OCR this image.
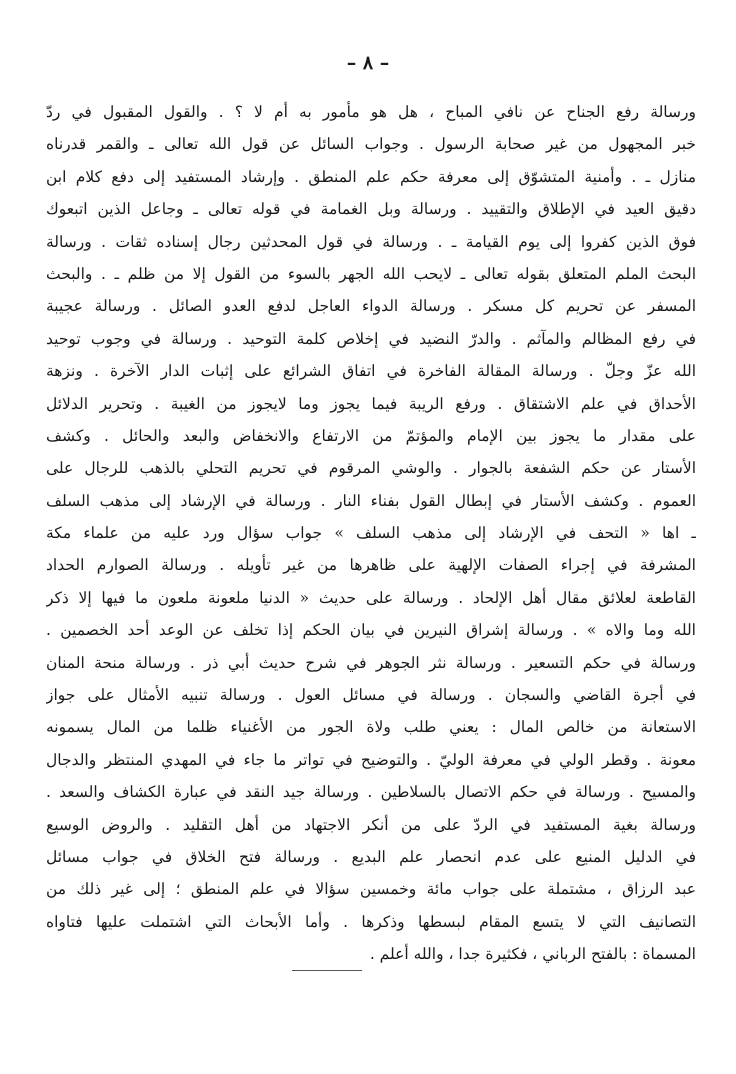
– ٨ –
ورسالة رفع الجناح عن نافي المباح ، هل هو مأمور به أم لا ؟ . والقول المقبول في ردّ
خبر المجهول من غير صحابة الرسول . وجواب السائل عن قول الله تعالى ـ والقمر قدرناه
منازل ـ . وأمنية المتشوّق إلى معرفة حكم علم المنطق . وإرشاد المستفيد إلى دفع كلام ابن
دقيق العيد في الإطلاق والتقييد . ورسالة وبل الغمامة في قوله تعالى ـ وجاعل الذين اتبعوك
فوق الذين كفروا إلى يوم القيامة ـ . ورسالة في قول المحدثين رجال إسناده ثقات . ورسالة
البحث الملم المتعلق بقوله تعالى ـ لايحب الله الجهر بالسوء من القول إلا من ظلم ـ . والبحث
المسفر عن تحريم كل مسكر . ورسالة الدواء العاجل لدفع العدو الصائل . ورسالة عجيبة
في رفع المظالم والمآثم . والدرّ النضيد في إخلاص كلمة التوحيد . ورسالة في وجوب توحيد
الله عزّ وجلّ . ورسالة المقالة الفاخرة في اتفاق الشرائع على إثبات الدار الآخرة . ونزهة
الأحداق في علم الاشتقاق . ورفع الريبة فيما يجوز وما لايجوز من الغيبة . وتحرير الدلائل
على مقدار ما يجوز بين الإمام والمؤتمّ من الارتفاع والانخفاض والبعد والحائل . وكشف
الأستار عن حكم الشفعة بالجوار . والوشي المرقوم في تحريم التحلي بالذهب للرجال على
العموم . وكشف الأستار في إبطال القول بفناء النار . ورسالة في الإرشاد إلى مذهب السلف
ـ اها « التحف في الإرشاد إلى مذهب السلف » جواب سؤال ورد عليه من علماء مكة
المشرفة في إجراء الصفات الإلهية على ظاهرها من غير تأويله . ورسالة الصوارم الحداد
القاطعة لعلائق مقال أهل الإلحاد . ورسالة على حديث « الدنيا ملعونة ملعون ما فيها إلا ذكر
الله وما والاه » . ورسالة إشراق النيرين في بيان الحكم إذا تخلف عن الوعد أحد الخصمين .
ورسالة في حكم التسعير . ورسالة نثر الجوهر في شرح حديث أبي ذر . ورسالة منحة المنان
في أجرة القاضي والسجان . ورسالة في مسائل العول . ورسالة تنبيه الأمثال على جواز
الاستعانة من خالص المال : يعني طلب ولاة الجور من الأغنياء ظلما من المال يسمونه
معونة . وقطر الولي في معرفة الوليّ . والتوضيح في تواتر ما جاء في المهدي المنتظر والدجال
والمسيح . ورسالة في حكم الاتصال بالسلاطين . ورسالة جيد النقد في عبارة الكشاف والسعد .
ورسالة بغية المستفيد في الردّ على من أنكر الاجتهاد من أهل التقليد . والروض الوسيع
في الدليل المنيع على عدم انحصار علم البديع . ورسالة فتح الخلاق في جواب مسائل
عبد الرزاق ، مشتملة على جواب مائة وخمسين سؤالا في علم المنطق ؛ إلى غير ذلك من
التصانيف التي لا يتسع المقام لبسطها وذكرها . وأما الأبحاث التي اشتملت عليها فتاواه
المسماة : بالفتح الرباني ، فكثيرة جدا ، والله أعلم .
